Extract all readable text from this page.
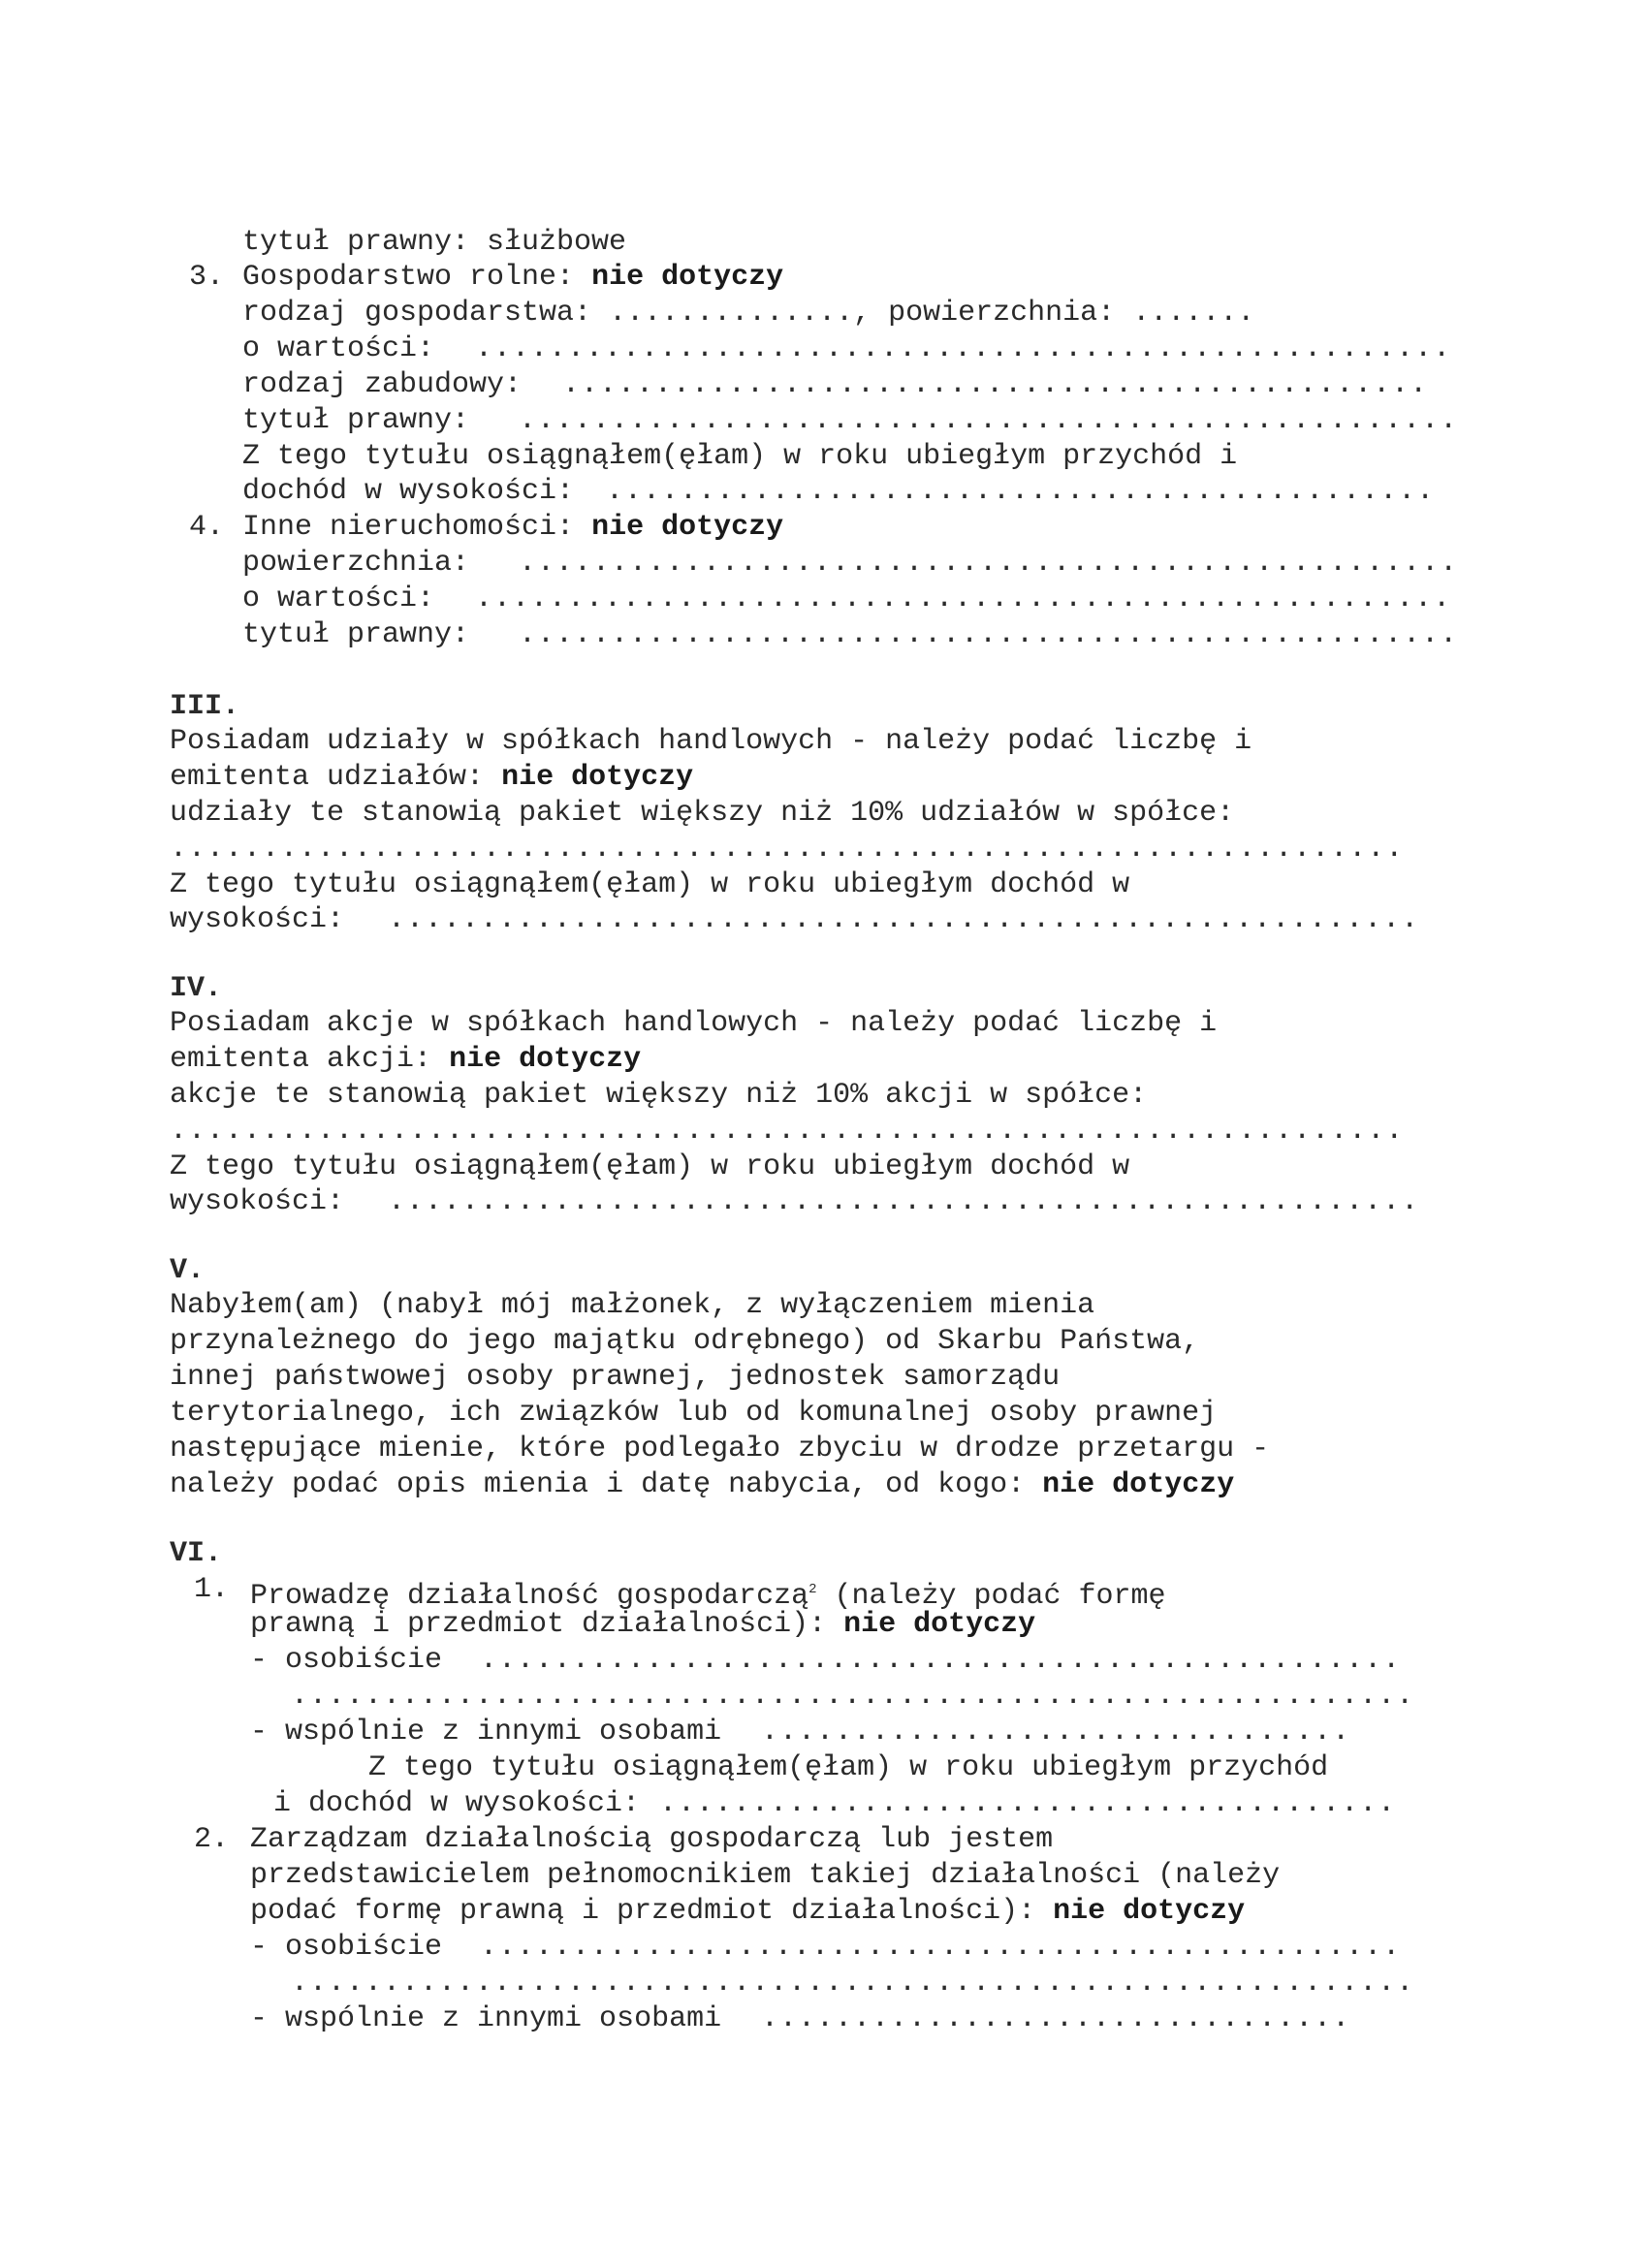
tytuł prawny: służbowe
3. Gospodarstwo rolne: nie dotyczy
rodzaj gospodarstwa: .............., powierzchnia: .......
o wartości: .....................................................
rodzaj zabudowy: ...............................................
tytuł prawny: ...................................................
Z tego tytułu osiągnąłem(ęłam) w roku ubiegłym przychód i
dochód w wysokości: .............................................
4. Inne nieruchomości: nie dotyczy
powierzchnia: ...................................................
o wartości: .....................................................
tytuł prawny: ...................................................
III.
Posiadam udziały w spółkach handlowych - należy podać liczbę i
emitenta udziałów: nie dotyczy
udziały te stanowią pakiet większy niż 10% udziałów w spółce:
...................................................................
Z tego tytułu osiągnąłem(ęłam) w roku ubiegłym dochód w
wysokości: ........................................................
IV.
Posiadam akcje w spółkach handlowych - należy podać liczbę i
emitenta akcji: nie dotyczy
akcje te stanowią pakiet większy niż 10% akcji w spółce:
...................................................................
Z tego tytułu osiągnąłem(ęłam) w roku ubiegłym dochód w
wysokości: ........................................................
V.
Nabyłem(am) (nabył mój małżonek, z wyłączeniem mienia
przynależnego do jego majątku odrębnego) od Skarbu Państwa,
innej państwowej osoby prawnej, jednostek samorządu
terytorialnego, ich związków lub od komunalnej osoby prawnej
następujące mienie, które podlegało zbyciu w drodze przetargu -
należy podać opis mienia i datę nabycia, od kogo: nie dotyczy
VI.
1. Prowadzę działalność gospodarczą$^2$ (należy podać formę
prawną i przedmiot działalności): nie dotyczy
- osobiście ..................................................
.............................................................
- wspólnie z innymi osobami ................................
Z tego tytułu osiągnąłem(ęłam) w roku ubiegłym przychód
i dochód w wysokości: ........................................
2. Zarządzam działalnością gospodarczą lub jestem
przedstawicielem pełnomocnikiem takiej działalności (należy
podać formę prawną i przedmiot działalności): nie dotyczy
- osobiście ..................................................
.............................................................
- wspólnie z innymi osobami ................................
